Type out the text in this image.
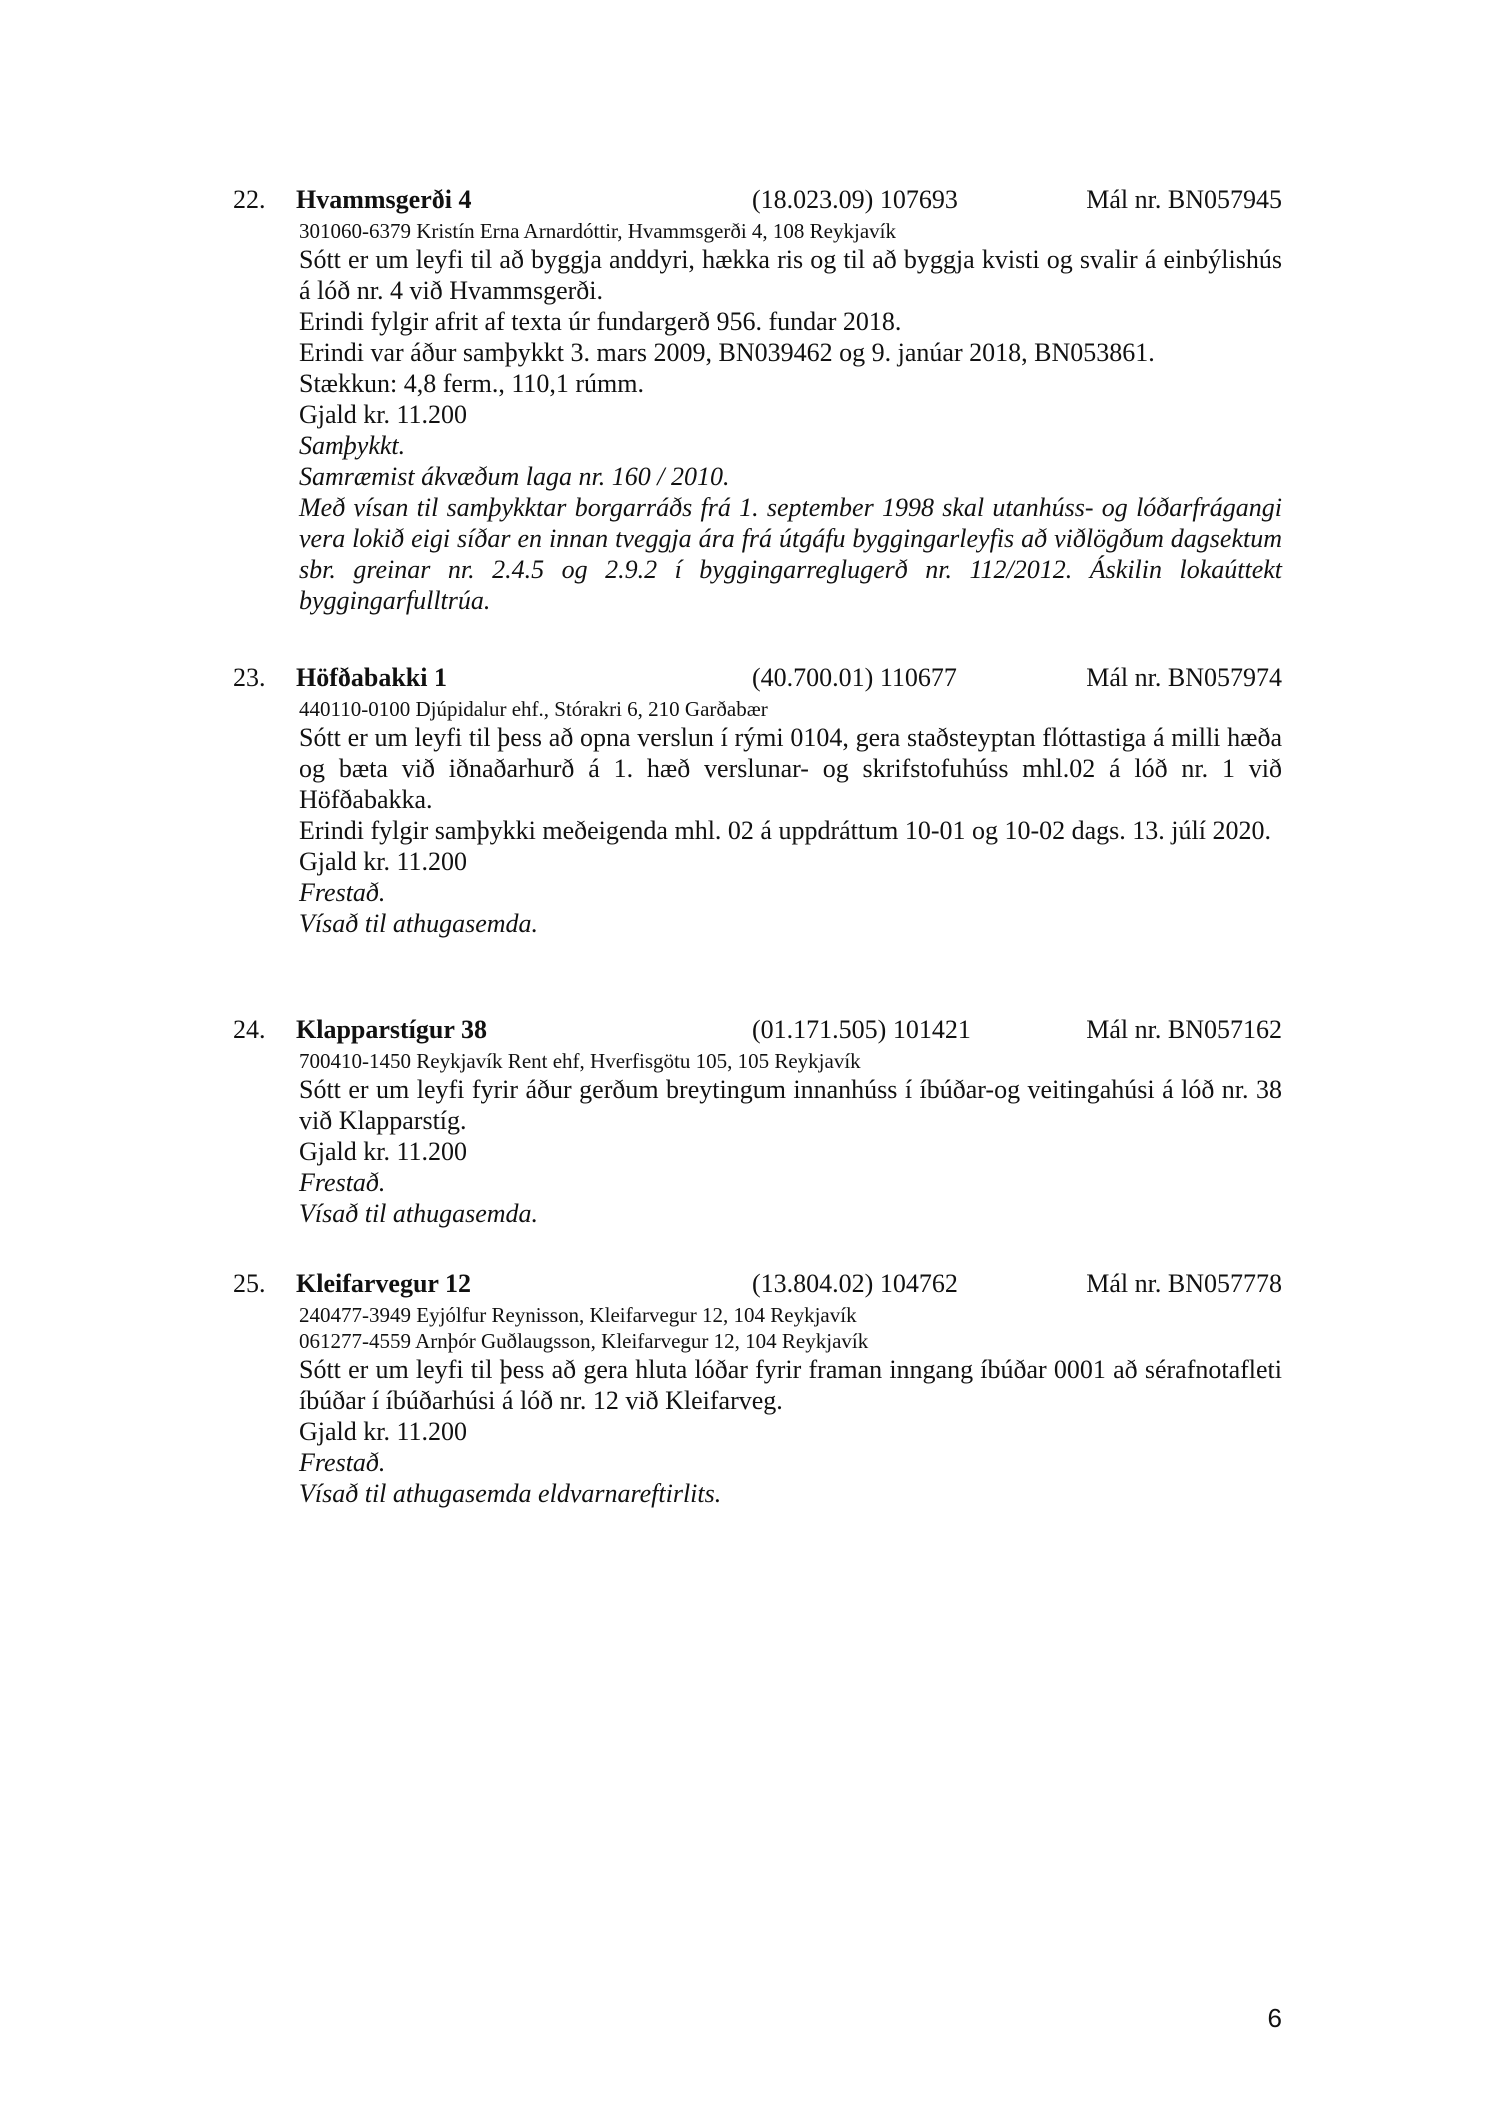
22. Hvammsgerði 4	(18.023.09) 107693	Mál nr. BN057945
301060-6379 Kristín Erna Arnardóttir, Hvammsgerði 4, 108 Reykjavík
Sótt er um leyfi til að byggja anddyri, hækka ris og til að byggja kvisti og svalir á einbýlishús á lóð nr. 4 við Hvammsgerði.
Erindi fylgir afrit af texta úr fundargerð 956. fundar 2018.
Erindi var áður samþykkt 3. mars 2009, BN039462 og 9. janúar 2018, BN053861.
Stækkun: 4,8 ferm., 110,1 rúmm.
Gjald kr. 11.200
Samþykkt.
Samræmist ákvæðum laga nr. 160 / 2010.
Með vísan til samþykktar borgarráðs frá 1. september 1998 skal utanhúss- og lóðarfrágangi vera lokið eigi síðar en innan tveggja ára frá útgáfu byggingarleyfis að viðlögðum dagsektum sbr. greinar nr. 2.4.5 og 2.9.2 í byggingarreglugerð nr. 112/2012. Áskilin lokaúttekt byggingarfulltrúa.
23. Höfðabakki 1	(40.700.01) 110677	Mál nr. BN057974
440110-0100 Djúpidalur ehf., Stórakri 6, 210 Garðabær
Sótt er um leyfi til þess að opna verslun í rými 0104, gera staðsteyptan flóttastiga á milli hæða og bæta við iðnaðarhurð á 1. hæð verslunar- og skrifstofuhúss mhl.02 á lóð nr. 1 við Höfðabakka.
Erindi fylgir samþykki meðeigenda mhl. 02 á uppdráttum 10-01 og 10-02 dags. 13. júlí 2020.
Gjald kr. 11.200
Frestað.
Vísað til athugasemda.
24. Klapparstígur 38	(01.171.505) 101421	Mál nr. BN057162
700410-1450 Reykjavík Rent ehf, Hverfisgötu 105, 105 Reykjavík
Sótt er um leyfi fyrir áður gerðum breytingum innanhúss í íbúðar-og veitingahúsi á lóð nr. 38 við Klapparstíg.
Gjald kr. 11.200
Frestað.
Vísað til athugasemda.
25. Kleifarvegur 12	(13.804.02) 104762	Mál nr. BN057778
240477-3949 Eyjólfur Reynisson, Kleifarvegur 12, 104 Reykjavík
061277-4559 Arnþór Guðlaugsson, Kleifarvegur 12, 104 Reykjavík
Sótt er um leyfi til þess að gera hluta lóðar fyrir framan inngang íbúðar 0001 að sérafnotafleti íbúðar í íbúðarhúsi á lóð nr. 12 við Kleifarveg.
Gjald kr. 11.200
Frestað.
Vísað til athugasemda eldvarnareftirlits.
6
